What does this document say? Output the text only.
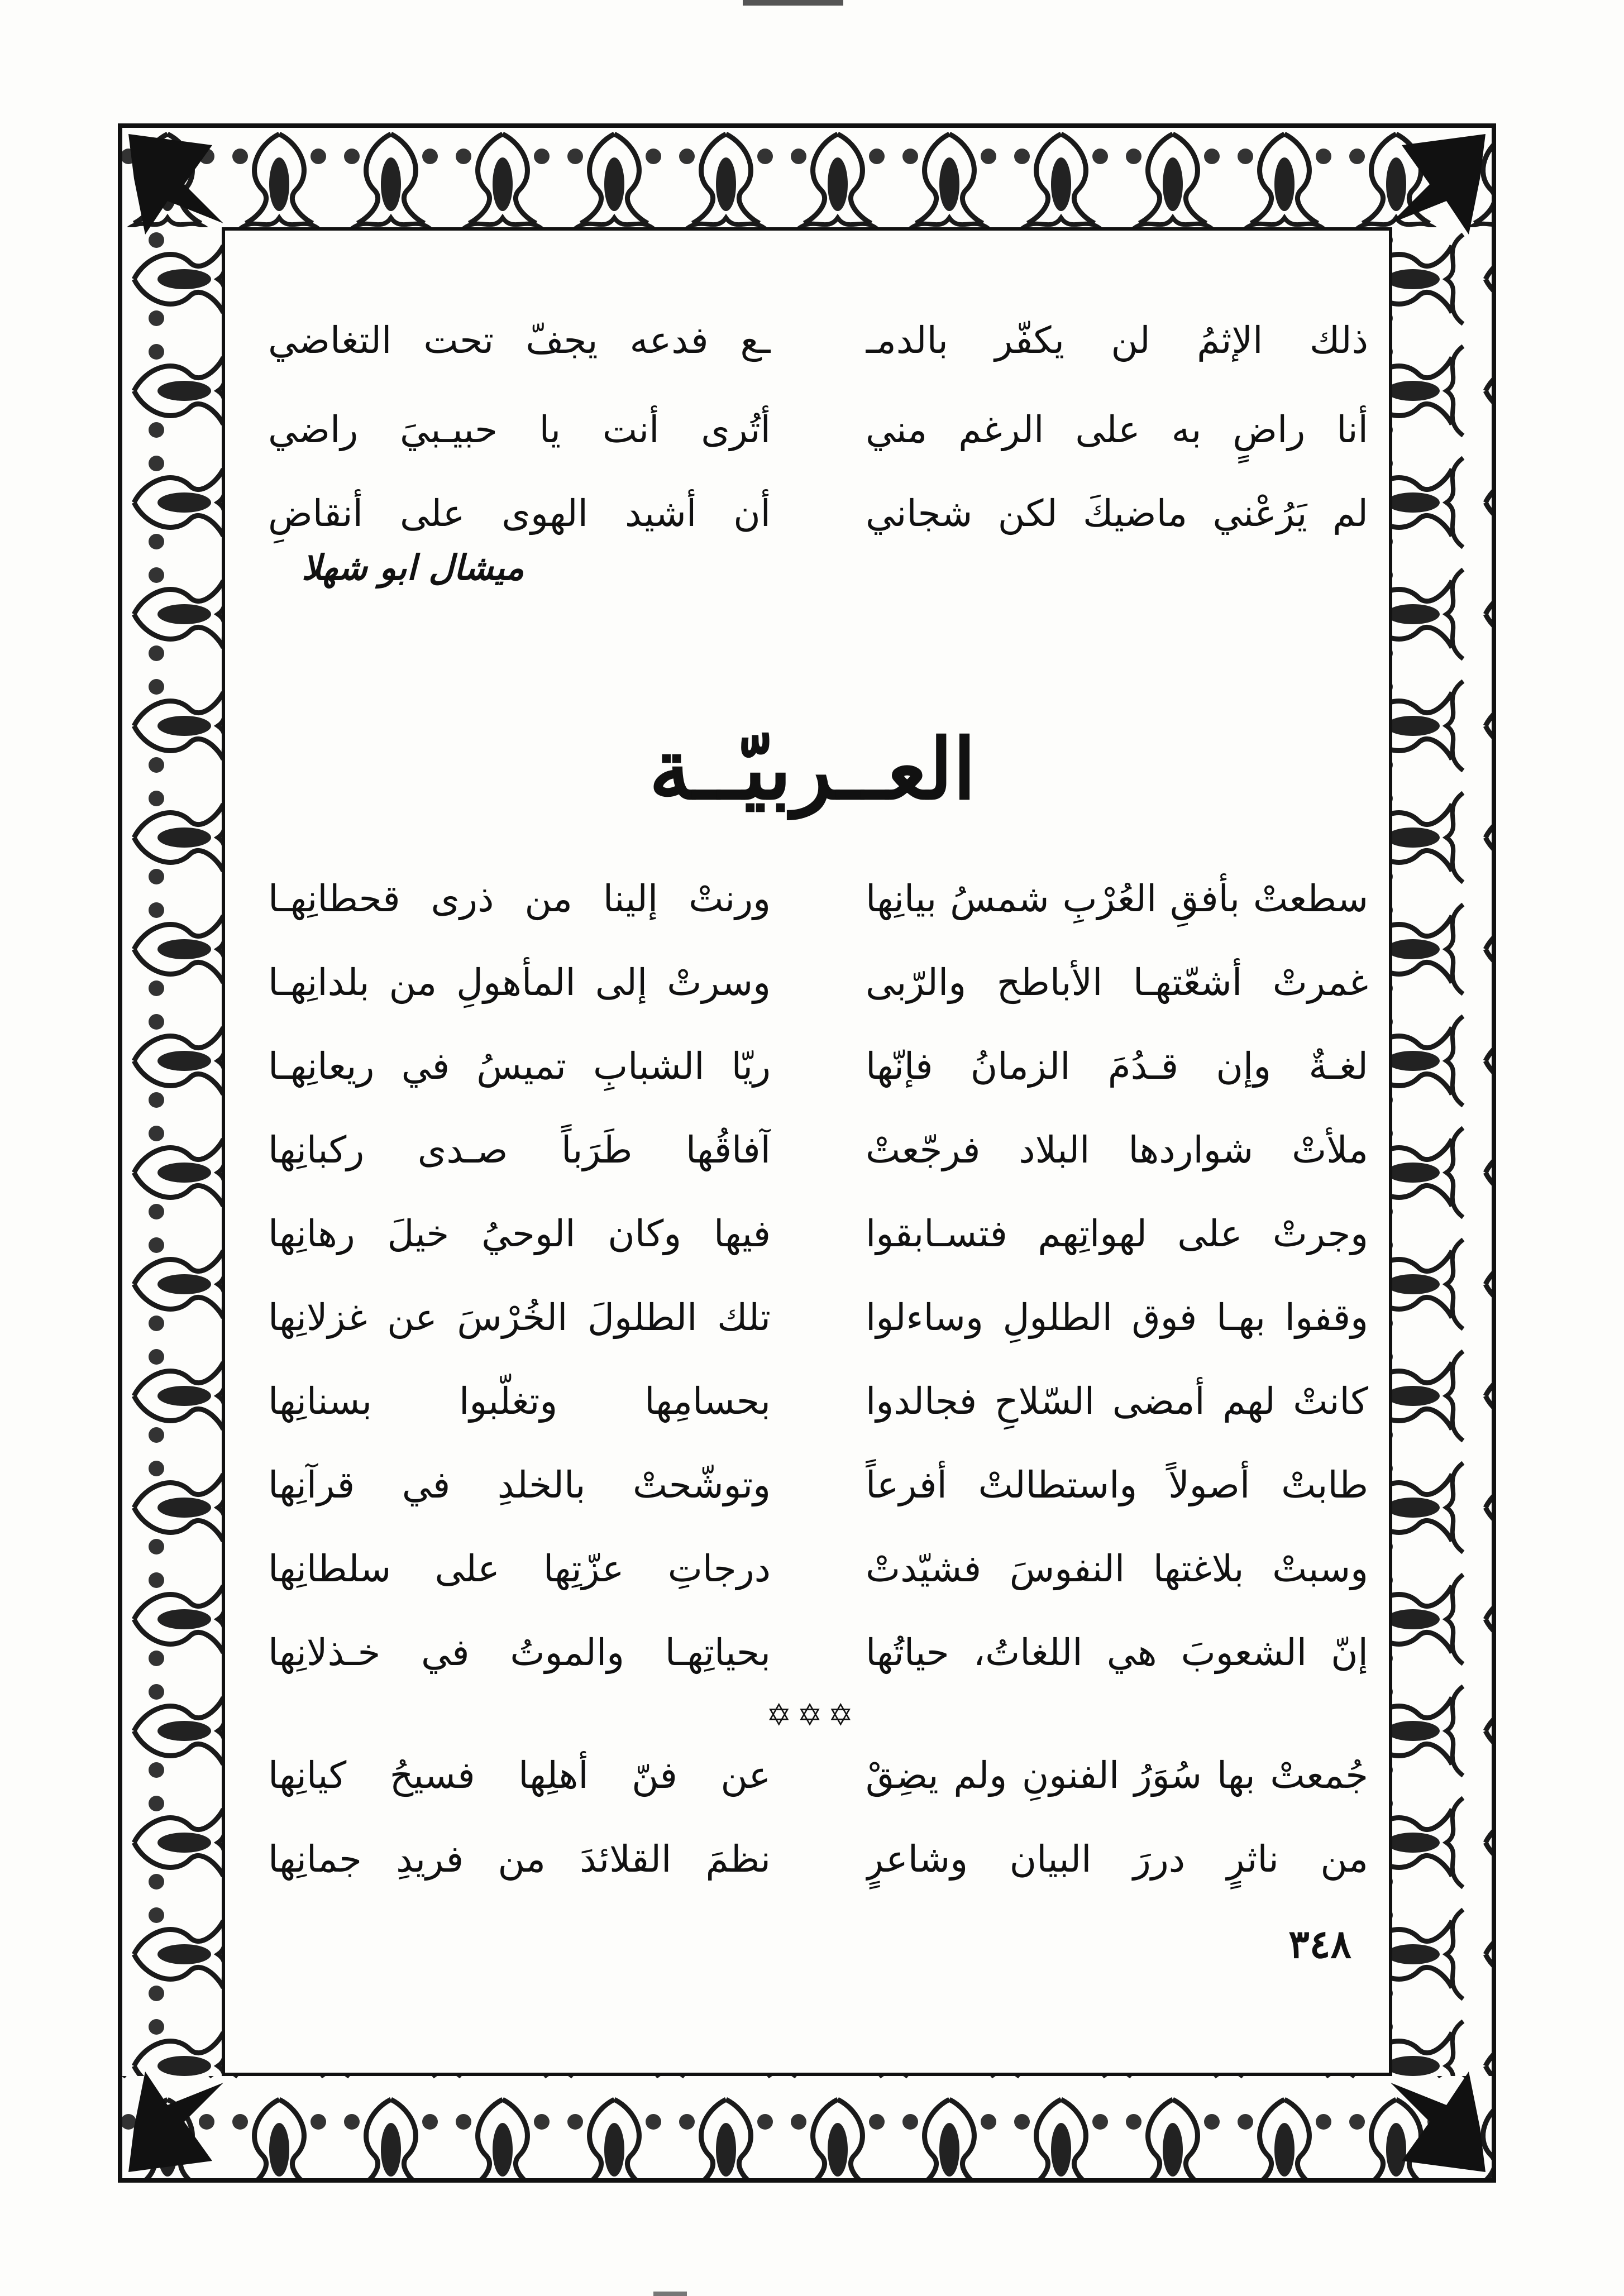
ذلك الإثمُ لن يكفّر بالدمـ
ـع فدعه يجفّ تحت التغاضي
أنا راضٍ به على الرغم مني
أتُرى أنت يا حبيـبيَ راضي
لم يَرُعْني ماضيكَ لكن شجاني
أن أشيد الهوى على أنقاضِ
ميشال ابو شهلا
العــربيّــة
سطعتْ بأفقِ العُرْبِ شمسُ بيانِها
ورنتْ إلينا من ذرى قحطانِهـا
غمرتْ أشعّتهـا الأباطح والرّبى
وسرتْ إلى المأهولِ من بلدانِهـا
لغـةٌ وإن قـدُمَ الزمانُ فإنّها
ريّا الشبابِ تميسُ في ريعانِهـا
ملأتْ شواردها البلاد فرجّعتْ
آفاقُها طَرَباً صـدى ركبانِها
وجرتْ على لهواتِهم فتسـابقوا
فيها وكان الوحيُ خيلَ رهانِها
وقفوا بهـا فوق الطلولِ وساءلوا
تلك الطلولَ الخُرْسَ عن غزلانِها
كانتْ لهم أمضى السّلاحِ فجالدوا
بحسامِها وتغلّبوا بسنانِها
طابتْ أصولاً واستطالتْ أفرعاً
وتوشّحتْ بالخلدِ في قرآنِها
وسبتْ بلاغتها النفوسَ فشيّدتْ
درجاتِ عزّتِها على سلطانِها
إنّ الشعوبَ هي اللغاتُ، حياتُها
بحياتِهـا والموتُ في خـذلانِها
✡✡✡
جُمعتْ بها سُوَرُ الفنونِ ولم يضِقْ
عن فنّ أهلِها فسيحُ كيانِها
من ناثرٍ دررَ البيان وشاعرٍ
نظمَ القلائدَ من فريدِ جمانِها
٣٤٨
